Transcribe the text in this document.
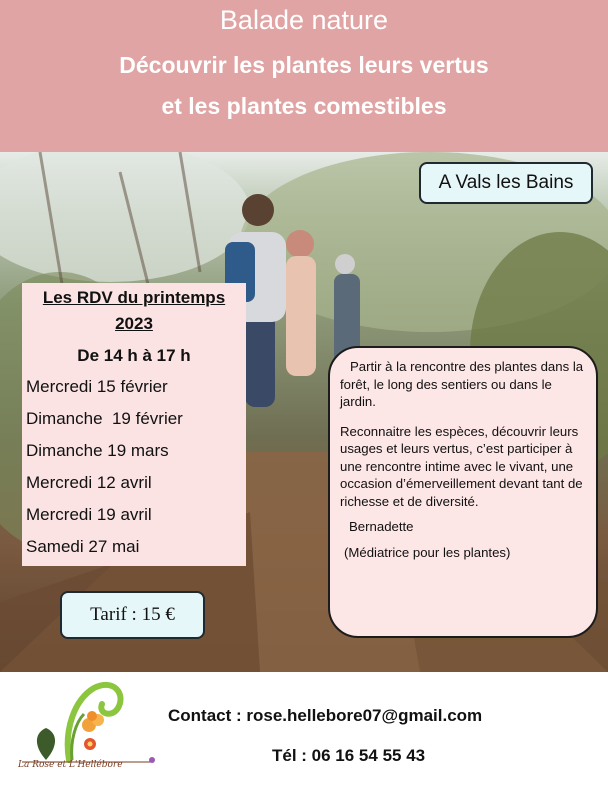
Balade nature
Découvrir les plantes leurs vertus
et les plantes comestibles
A Vals les Bains
Les RDV du printemps
2023
De 14 h à 17 h
Mercredi 15 février
Dimanche  19 février
Dimanche 19 mars
Mercredi 12 avril
Mercredi 19 avril
Samedi 27 mai
Tarif : 15 €

Partir à la rencontre des plantes dans la forêt, le long des sentiers ou dans le jardin.

Reconnaitre les espèces, découvrir leurs usages et leurs vertus, c’est participer à une rencontre intime avec le vivant, une occasion d’émerveillement devant tant de richesse et de diversité.

Bernadette

(Médiatrice pour les plantes)

La Rose et L'Hellébore
Contact : rose.hellebore07@gmail.com
Tél : 06 16 54 55 43
